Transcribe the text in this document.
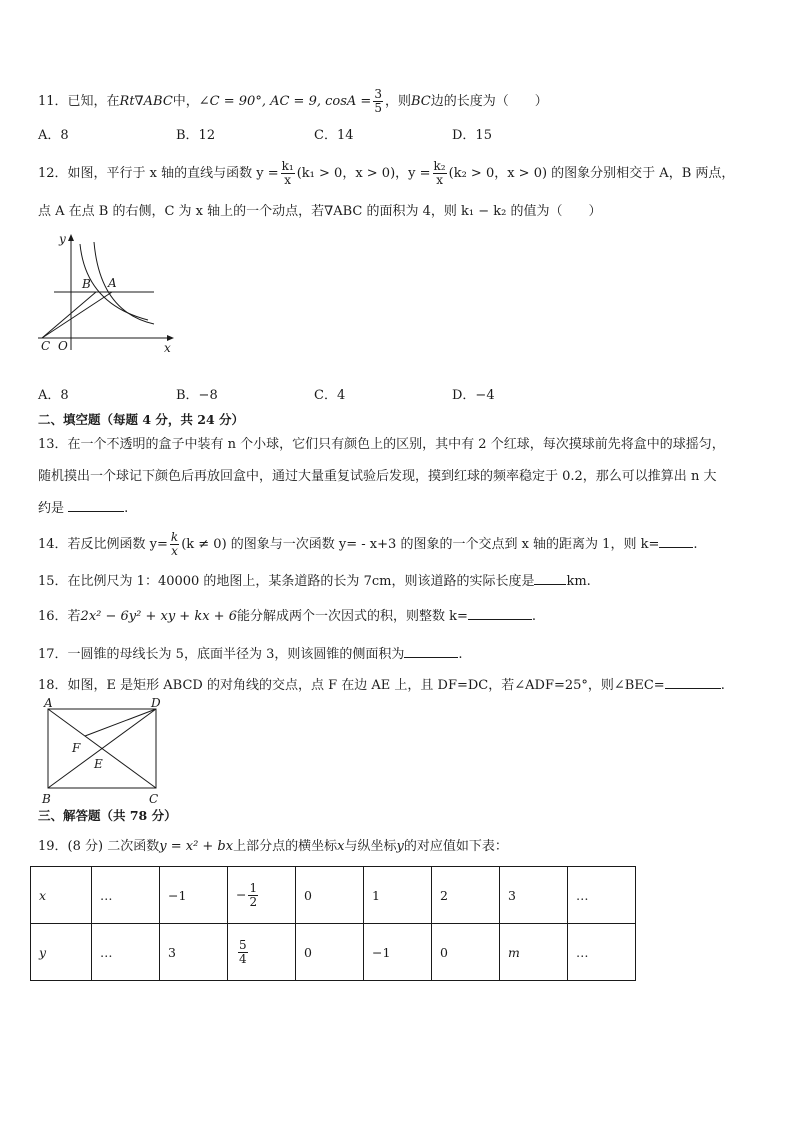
11．已知，在Rt∇ABC中，∠C = 90°, AC = 9, $\cos A = \frac{3}{5}$ ，则BC边的长度为（　　）
A．8	B．12	C．14	D．15
12．如图，平行于 x 轴的直线与函数 $y = \frac{\text{k₁}}{x} (k_1 > 0$，x > 0)，$y = \frac{\text{k₂}}{x} (k_2 > 0$，x > 0) 的图象分别相交于 A，B 两点，
点 A 在点 B 的右侧，C 为 x 轴上的一个动点，若∇ABC 的面积为 4，则 k₁ − k₂ 的值为（　　）
y
B A
C O	x
A．8	B．−8	C．4	D．−4
二、填空题（每题 4 分，共 24 分）
13．在一个不透明的盒子中装有 n 个小球，它们只有颜色上的区别，其中有 2 个红球，每次摸球前先将盒中的球摇匀，
随机摸出一个球记下颜色后再放回盒中，通过大量重复试验后发现，摸到红球的频率稳定于 0.2，那么可以推算出 n 大
约是	.
14．若反比例函数 $y= \frac{k}{x} (k \ne 0)$ 的图象与一次函数 y= - x+3 的图象的一个交点到 x 轴的距离为 1，则 k=	.
15．在比例尺为 1：40000 的地图上，某条道路的长为 7cm，则该道路的实际长度是 km.
16．若2x² − 6y² + xy + kx + 6能分解成两个一次因式的积，则整数 k=	.
17．一圆锥的母线长为 5，底面半径为 3，则该圆锥的侧面积为	.
18．如图，E 是矩形 ABCD 的对角线的交点，点 F 在边 AE 上，且 DF=DC，若∠ADF=25°，则∠BEC=	.
A	D
F
E
B	C
三、解答题（共 78 分）
19．(8 分) 二次函数y = x² + bx上部分点的横坐标x与纵坐标y的对应值如下表：
x	…	−1	− $\frac{1}{2}$	0	1	2	3	…
y	…	3	$\frac{5}{4}$	0	−1	0	m	…
